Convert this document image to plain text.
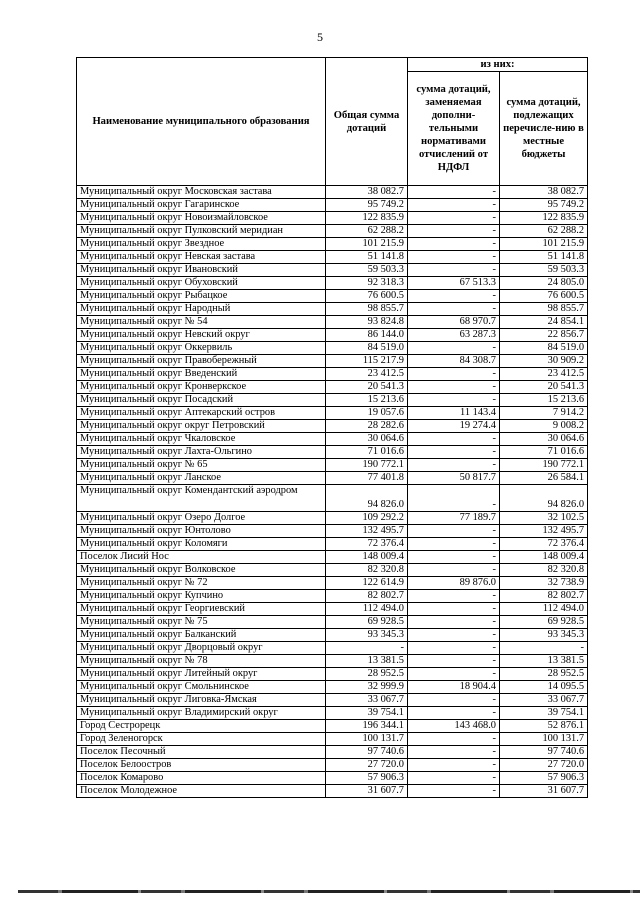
5
Наименование муниципального образования	Общая сумма дотаций	из них:	
		сумма дотаций, заменяемая дополни-тельными нормативами отчислений от НДФЛ	сумма дотаций, подлежащих перечисле-нию в местные бюджеты
Муниципальный округ Московская застава	38 082.7	-	38 082.7
Муниципальный округ Гагаринское	95 749.2	-	95 749.2
Муниципальный округ Новоизмайловское	122 835.9	-	122 835.9
Муниципальный округ Пулковский меридиан	62 288.2	-	62 288.2
Муниципальный округ Звездное	101 215.9	-	101 215.9
Муниципальный округ Невская застава	51 141.8	-	51 141.8
Муниципальный округ Ивановский	59 503.3	-	59 503.3
Муниципальный округ Обуховский	92 318.3	67 513.3	24 805.0
Муниципальный округ Рыбацкое	76 600.5	-	76 600.5
Муниципальный округ Народный	98 855.7	-	98 855.7
Муниципальный округ № 54	93 824.8	68 970.7	24 854.1
Муниципальный округ Невский округ	86 144.0	63 287.3	22 856.7
Муниципальный округ Оккервиль	84 519.0	-	84 519.0
Муниципальный округ Правобережный	115 217.9	84 308.7	30 909.2
Муниципальный округ Введенский	23 412.5	-	23 412.5
Муниципальный округ Кронверкское	20 541.3	-	20 541.3
Муниципальный округ Посадский	15 213.6	-	15 213.6
Муниципальный округ Аптекарский остров	19 057.6	11 143.4	7 914.2
Муниципальный округ округ Петровский	28 282.6	19 274.4	9 008.2
Муниципальный округ Чкаловское	30 064.6	-	30 064.6
Муниципальный округ Лахта-Ольгино	71 016.6	-	71 016.6
Муниципальный округ № 65	190 772.1	-	190 772.1
Муниципальный округ Ланское	77 401.8	50 817.7	26 584.1
Муниципальный округ Комендантский аэродром	94 826.0	-	94 826.0
Муниципальный округ Озеро Долгое	109 292.2	77 189.7	32 102.5
Муниципальный округ Юнтолово	132 495.7	-	132 495.7
Муниципальный округ Коломяги	72 376.4	-	72 376.4
Поселок Лисий Нос	148 009.4	-	148 009.4
Муниципальный округ Волковское	82 320.8	-	82 320.8
Муниципальный округ № 72	122 614.9	89 876.0	32 738.9
Муниципальный округ Купчино	82 802.7	-	82 802.7
Муниципальный округ Георгиевский	112 494.0	-	112 494.0
Муниципальный округ № 75	69 928.5	-	69 928.5
Муниципальный округ Балканский	93 345.3	-	93 345.3
Муниципальный округ Дворцовый округ	-	-	-
Муниципальный округ № 78	13 381.5	-	13 381.5
Муниципальный округ Литейный округ	28 952.5	-	28 952.5
Муниципальный округ Смольнинское	32 999.9	18 904.4	14 095.5
Муниципальный округ Лиговка-Ямская	33 067.7	-	33 067.7
Муниципальный округ Владимирский округ	39 754.1	-	39 754.1
Город Сестрорецк	196 344.1	143 468.0	52 876.1
Город Зеленогорск	100 131.7	-	100 131.7
Поселок Песочный	97 740.6	-	97 740.6
Поселок Белоостров	27 720.0	-	27 720.0
Поселок Комарово	57 906.3	-	57 906.3
Поселок Молодежное	31 607.7	-	31 607.7
